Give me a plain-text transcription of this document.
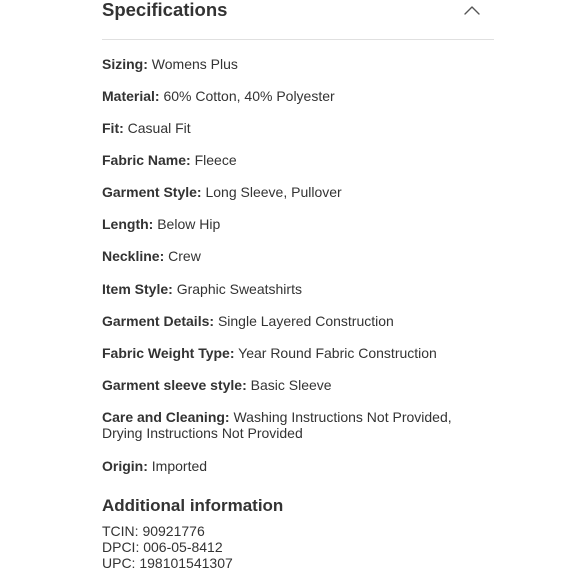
Specifications

Sizing: Womens Plus

Material: 60% Cotton, 40% Polyester

Fit: Casual Fit

Fabric Name: Fleece

Garment Style: Long Sleeve, Pullover

Length: Below Hip

Neckline: Crew

Item Style: Graphic Sweatshirts

Garment Details: Single Layered Construction

Fabric Weight Type: Year Round Fabric Construction

Garment sleeve style: Basic Sleeve

Care and Cleaning: Washing Instructions Not Provided, Drying Instructions Not Provided

Origin: Imported

Additional information
TCIN: 90921776
DPCI: 006-05-8412
UPC: 198101541307
